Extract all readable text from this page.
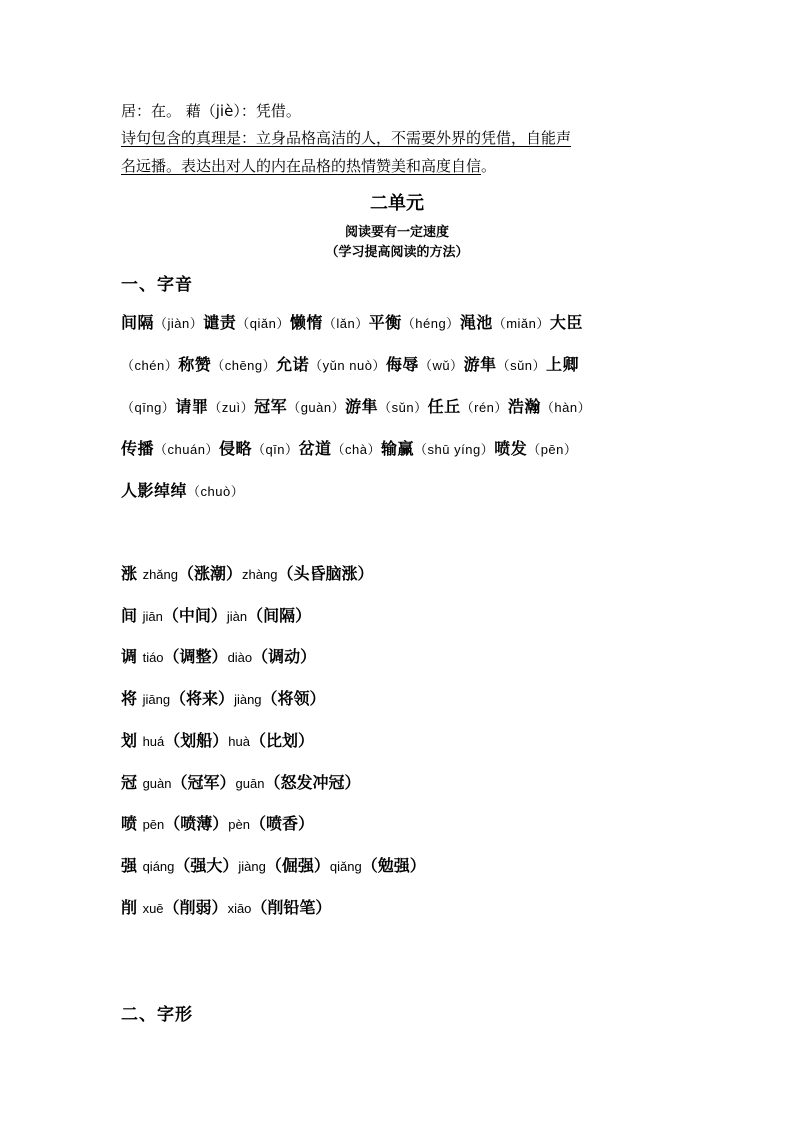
居：在。 藉（jiè）：凭借。
诗句包含的真理是：立身品格高洁的人，不需要外界的凭借，自能声
名远播。表达出对人的内在品格的热情赞美和高度自信。
二单元
阅读要有一定速度
（学习提高阅读的方法）
一、字音
间隔（jiàn）谴责（qiǎn）懒惰（lǎn）平衡（héng）渑池（miǎn）大臣
（chén）称赞（chēng）允诺（yǔn nuò）侮辱（wǔ）游隼（sǔn）上卿
（qīng）请罪（zuì）冠军（guàn）游隼（sǔn）任丘（rén）浩瀚（hàn）
传播（chuán）侵略（qīn）岔道（chà）输赢（shū yíng）喷发（pēn）
人影绰绰（chuò）
涨 zhǎng（涨潮）zhàng（头昏脑涨）
间 jiān（中间）jiàn（间隔）
调 tiáo（调整）diào（调动）
将 jiāng（将来）jiàng（将领）
划 huá（划船）huà（比划）
冠 guàn（冠军）guān（怒发冲冠）
喷 pēn（喷薄）pèn（喷香）
强 qiáng（强大）jiàng（倔强）qiǎng（勉强）
削 xuē（削弱）xiāo（削铅笔）
二、字形
